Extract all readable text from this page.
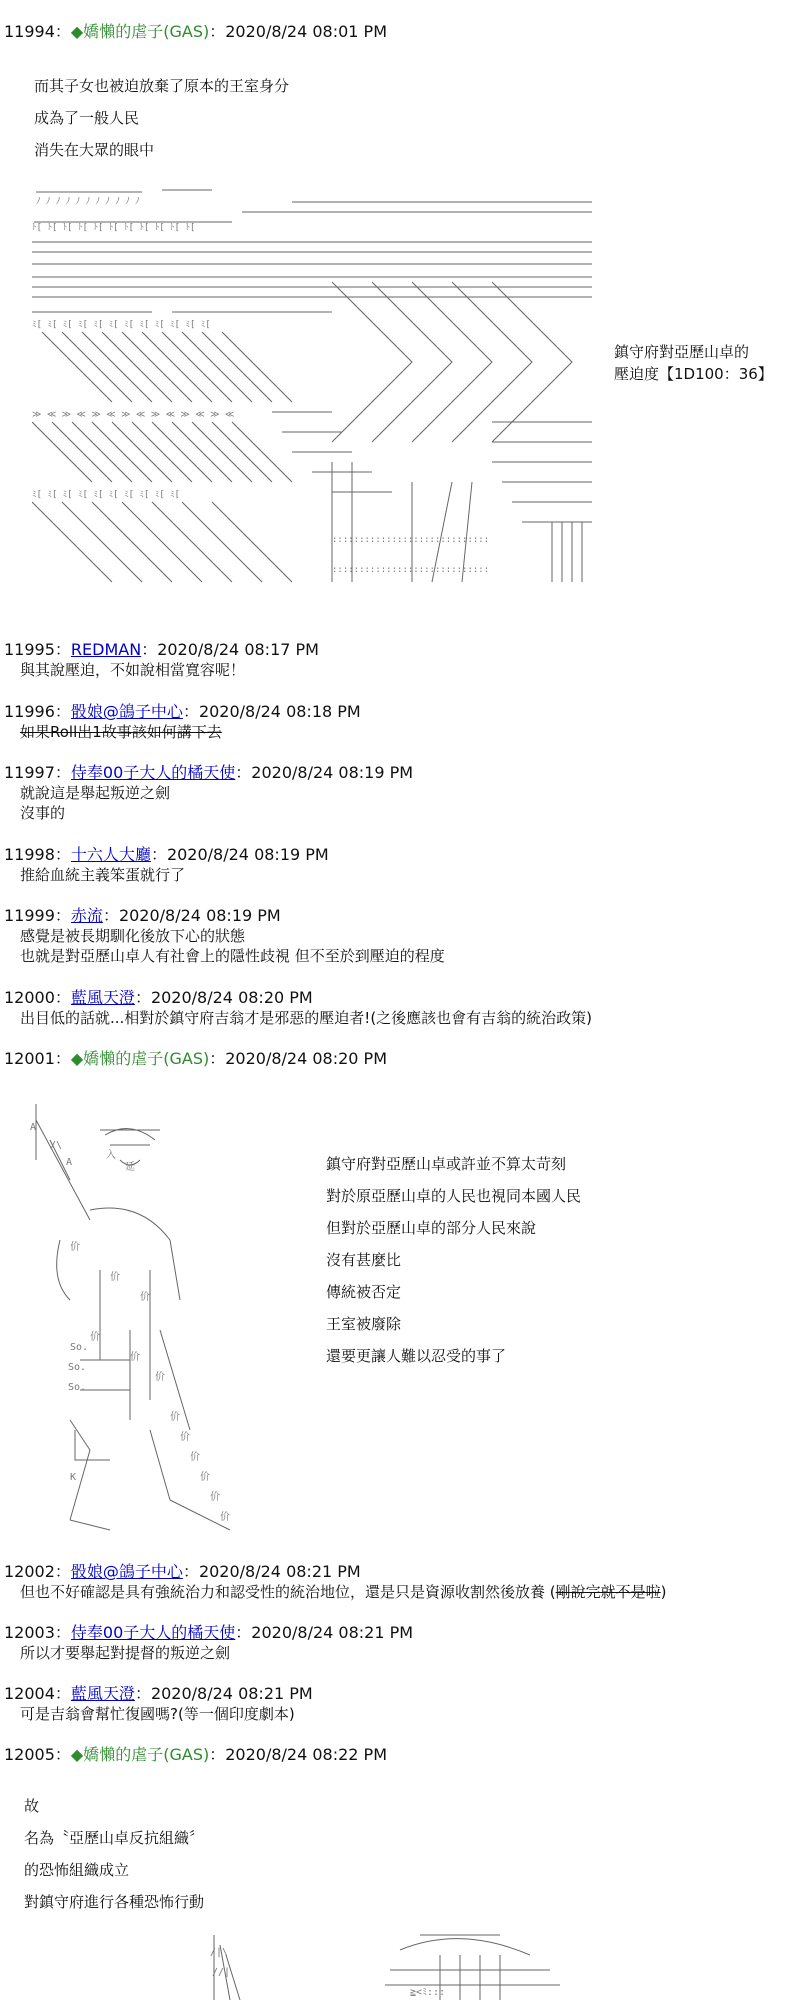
11994：◆嬌懶的虐子(GAS)：2020/8/24 08:01 PM
而其子女也被迫放棄了原本的王室身分
成為了一般人民
消失在大眾的眼中
ﾉ ﾉ ﾉ ﾉ ﾉ ﾉ ﾉ ﾉ ﾉ ﾉ ﾉ
ﾄ[ ﾄ[ ﾄ[ ﾄ[ ﾄ[ ﾄ[ ﾄ[ ﾄ[ ﾄ[ ﾄ[ ﾄ[
ﾐ[ ﾐ[ ﾐ[ ﾐ[ ﾐ[ ﾐ[ ﾐ[ ﾐ[ ﾐ[ ﾐ[ ﾐ[ ﾐ[
≫ ≪ ≫ ≪ ≫ ≪ ≫ ≪ ≫ ≪ ≫ ≪ ≫ ≪
ﾐ[ ﾐ[ ﾐ[ ﾐ[ ﾐ[ ﾐ[ ﾐ[ ﾐ[ ﾐ[ ﾐ[
:::::::::::::::::::::::::::::
:::::::::::::::::::::::::::::
鎮守府對亞歷山卓的
壓迫度【1D100：36】
11995：REDMAN：2020/8/24 08:17 PM
與其說壓迫，不如說相當寬容呢！
11996：骰娘@鴿子中心：2020/8/24 08:18 PM
如果Roll出1故事該如何講下去
11997：侍奉00子大人的橘天使：2020/8/24 08:19 PM
就說這是舉起叛逆之劍
沒事的
11998：十六人大廳：2020/8/24 08:19 PM
推給血統主義笨蛋就行了
11999：赤流：2020/8/24 08:19 PM
感覺是被長期馴化後放下心的狀態
也就是對亞歷山卓人有社會上的隱性歧視 但不至於到壓迫的程度
12000：藍風天澄：2020/8/24 08:20 PM
出目低的話就...相對於鎮守府吉翁才是邪惡的壓迫者!(之後應該也會有吉翁的統治政策)
12001：◆嬌懶的虐子(GAS)：2020/8/24 08:20 PM
A
/\
A
入
延
价
价
价
价
价
价
So.
So.
So.
价
价
价
价
价
价
K
鎮守府對亞歷山卓或許並不算太苛刻
對於原亞歷山卓的人民也視同本國人民
但對於亞歷山卓的部分人民來說
沒有甚麼比
傳統被否定
王室被廢除
還要更讓人難以忍受的事了
12002：骰娘@鴿子中心：2020/8/24 08:21 PM
但也不好確認是具有強統治力和認受性的統治地位，還是只是資源收割然後放養 (剛說完就不是啦)
12003：侍奉00子大人的橘天使：2020/8/24 08:21 PM
所以才要舉起對提督的叛逆之劍
12004：藍風天澄：2020/8/24 08:21 PM
可是吉翁會幫忙復國嗎?(等一個印度劇本)
12005：◆嬌懶的虐子(GAS)：2020/8/24 08:22 PM
故
名為〝亞歷山卓反抗組織〞
的恐怖組織成立
對鎮守府進行各種恐怖行動
/|\
//|
≧<ﾐ:::
